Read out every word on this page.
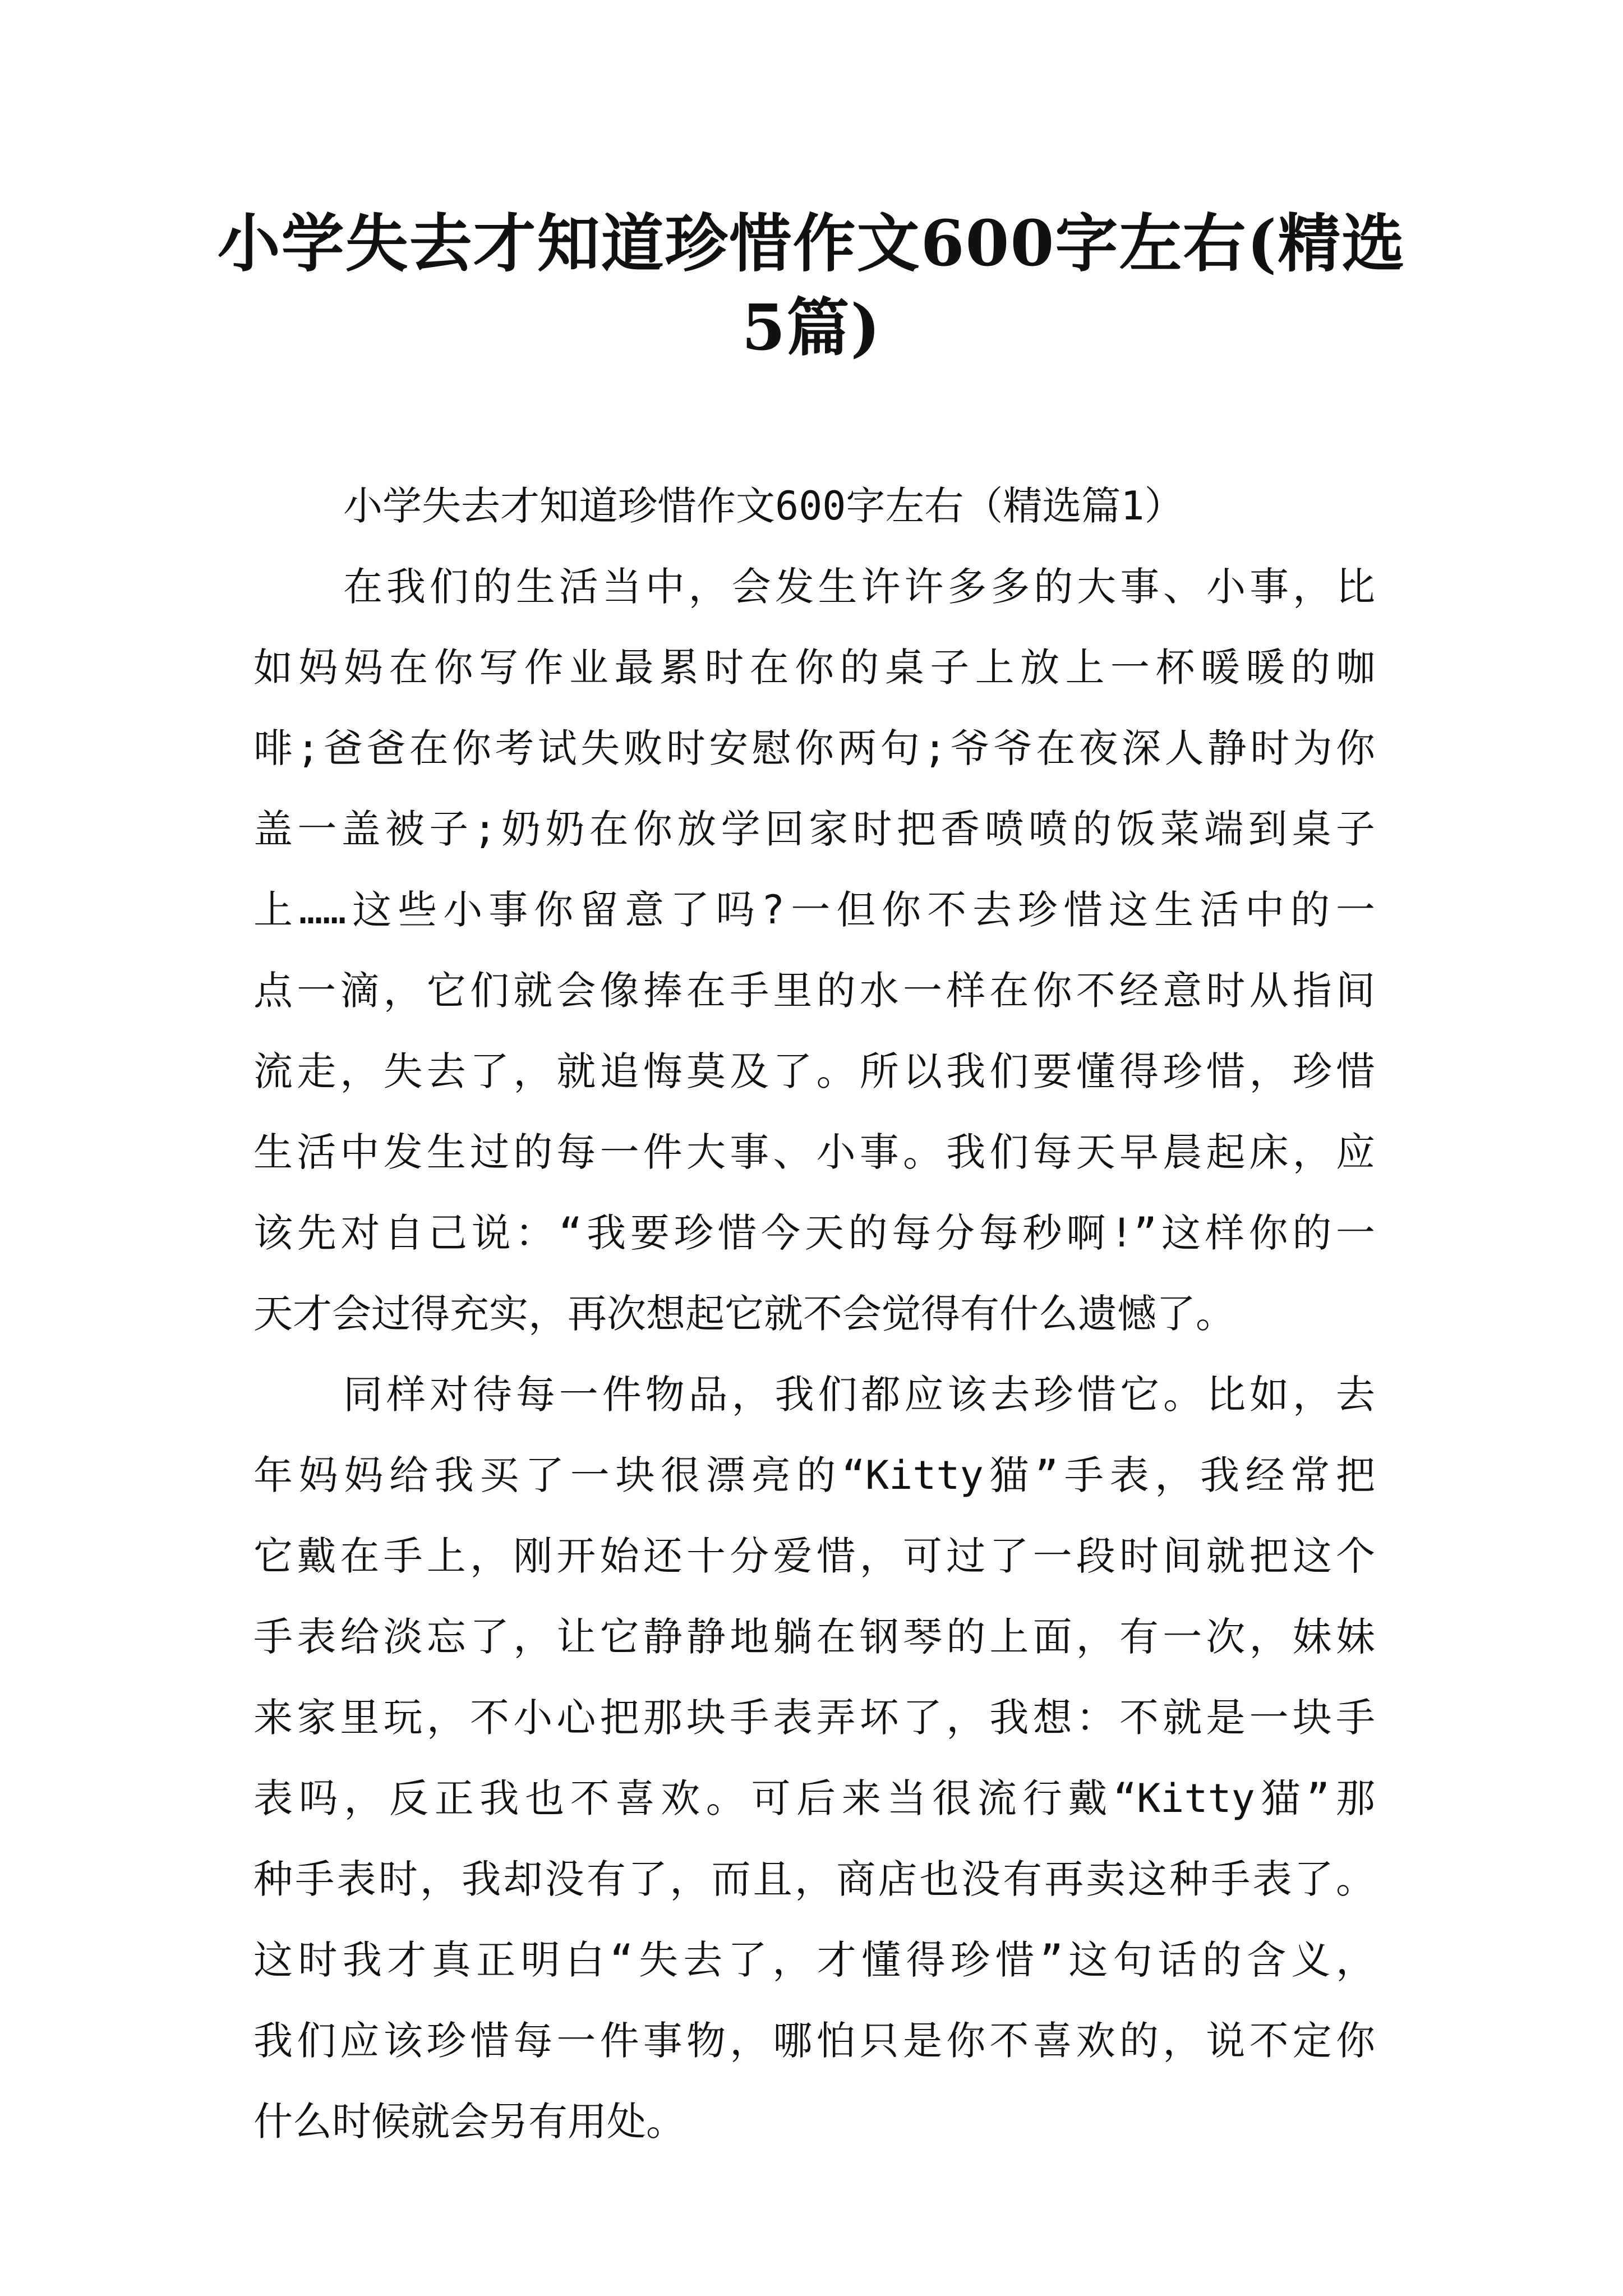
小学失去才知道珍惜作文600字左右(精选
5篇)
小学失去才知道珍惜作文600字左右（精选篇1）
在我们的生活当中，会发生许许多多的大事、小事，比
如妈妈在你写作业最累时在你的桌子上放上一杯暖暖的咖
啡;爸爸在你考试失败时安慰你两句;爷爷在夜深人静时为你
盖一盖被子;奶奶在你放学回家时把香喷喷的饭菜端到桌子
上……这些小事你留意了吗?一但你不去珍惜这生活中的一
点一滴，它们就会像捧在手里的水一样在你不经意时从指间
流走，失去了，就追悔莫及了。所以我们要懂得珍惜，珍惜
生活中发生过的每一件大事、小事。我们每天早晨起床，应
该先对自己说：“我要珍惜今天的每分每秒啊!”这样你的一
天才会过得充实，再次想起它就不会觉得有什么遗憾了。
同样对待每一件物品，我们都应该去珍惜它。比如，去
年妈妈给我买了一块很漂亮的“Kitty猫”手表，我经常把
它戴在手上，刚开始还十分爱惜，可过了一段时间就把这个
手表给淡忘了，让它静静地躺在钢琴的上面，有一次，妹妹
来家里玩，不小心把那块手表弄坏了，我想：不就是一块手
表吗，反正我也不喜欢。可后来当很流行戴“Kitty猫”那
种手表时，我却没有了，而且，商店也没有再卖这种手表了。
这时我才真正明白“失去了，才懂得珍惜”这句话的含义，
我们应该珍惜每一件事物，哪怕只是你不喜欢的，说不定你
什么时候就会另有用处。
